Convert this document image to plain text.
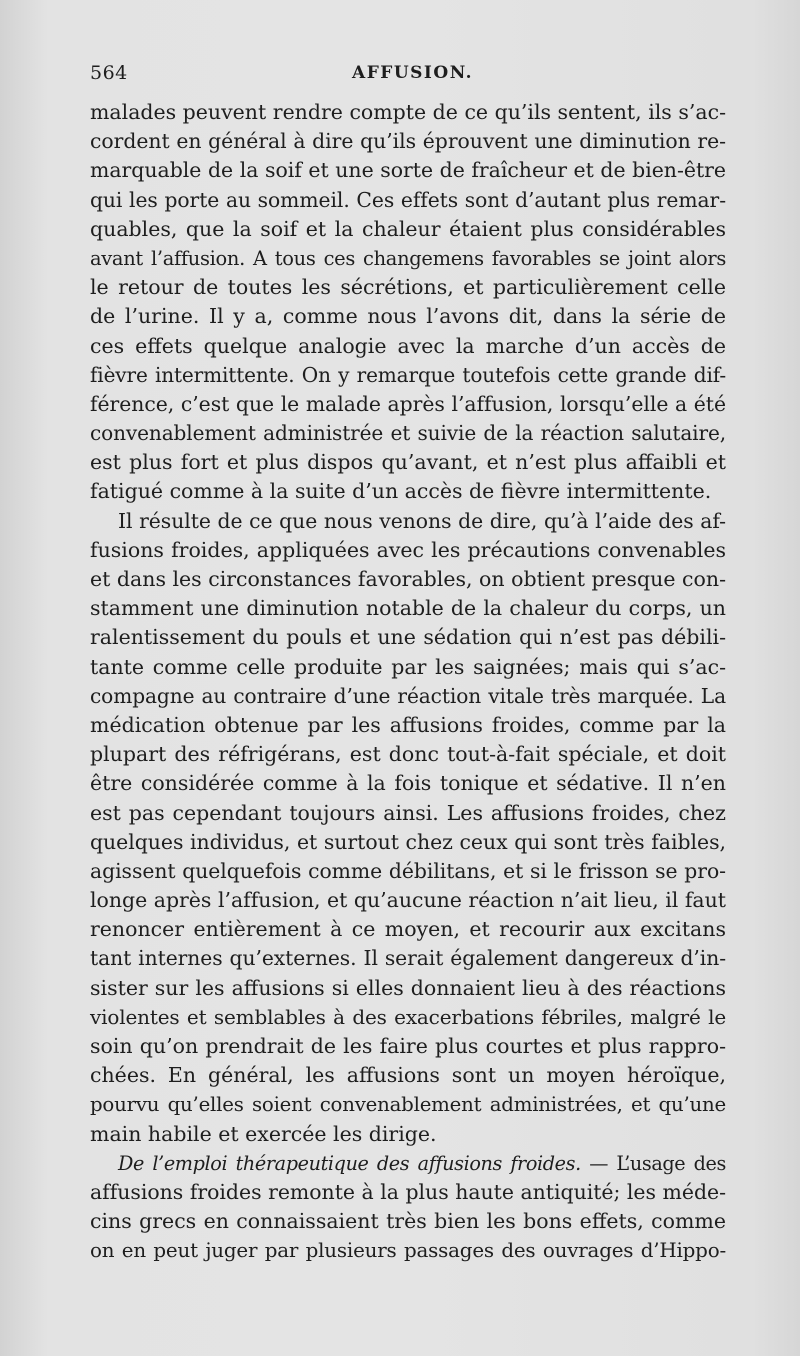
564	AFFUSION.
malades peuvent rendre compte de ce qu’ils sentent, ils s’ac-
cordent en général à dire qu’ils éprouvent une diminution re-
marquable de la soif et une sorte de fraîcheur et de bien-être
qui les porte au sommeil. Ces effets sont d’autant plus remar-
quables, que la soif et la chaleur étaient plus considérables
avant l’affusion. A tous ces changemens favorables se joint alors
le retour de toutes les sécrétions, et particulièrement celle
de l’urine. Il y a, comme nous l’avons dit, dans la série de
ces effets quelque analogie avec la marche d’un accès de
fièvre intermittente. On y remarque toutefois cette grande dif-
férence, c’est que le malade après l’affusion, lorsqu’elle a été
convenablement administrée et suivie de la réaction salutaire,
est plus fort et plus dispos qu’avant, et n’est plus affaibli et
fatigué comme à la suite d’un accès de fièvre intermittente.
Il résulte de ce que nous venons de dire, qu’à l’aide des af-
fusions froides, appliquées avec les précautions convenables
et dans les circonstances favorables, on obtient presque con-
stamment une diminution notable de la chaleur du corps, un
ralentissement du pouls et une sédation qui n’est pas débili-
tante comme celle produite par les saignées; mais qui s’ac-
compagne au contraire d’une réaction vitale très marquée. La
médication obtenue par les affusions froides, comme par la
plupart des réfrigérans, est donc tout-à-fait spéciale, et doit
être considérée comme à la fois tonique et sédative. Il n’en
est pas cependant toujours ainsi. Les affusions froides, chez
quelques individus, et surtout chez ceux qui sont très faibles,
agissent quelquefois comme débilitans, et si le frisson se pro-
longe après l’affusion, et qu’aucune réaction n’ait lieu, il faut
renoncer entièrement à ce moyen, et recourir aux excitans
tant internes qu’externes. Il serait également dangereux d’in-
sister sur les affusions si elles donnaient lieu à des réactions
violentes et semblables à des exacerbations fébriles, malgré le
soin qu’on prendrait de les faire plus courtes et plus rappro-
chées. En général, les affusions sont un moyen héroïque,
pourvu qu’elles soient convenablement administrées, et qu’une
main habile et exercée les dirige.
De l’emploi thérapeutique des affusions froides. — L’usage des
affusions froides remonte à la plus haute antiquité; les méde-
cins grecs en connaissaient très bien les bons effets, comme
on en peut juger par plusieurs passages des ouvrages d’Hippo-
